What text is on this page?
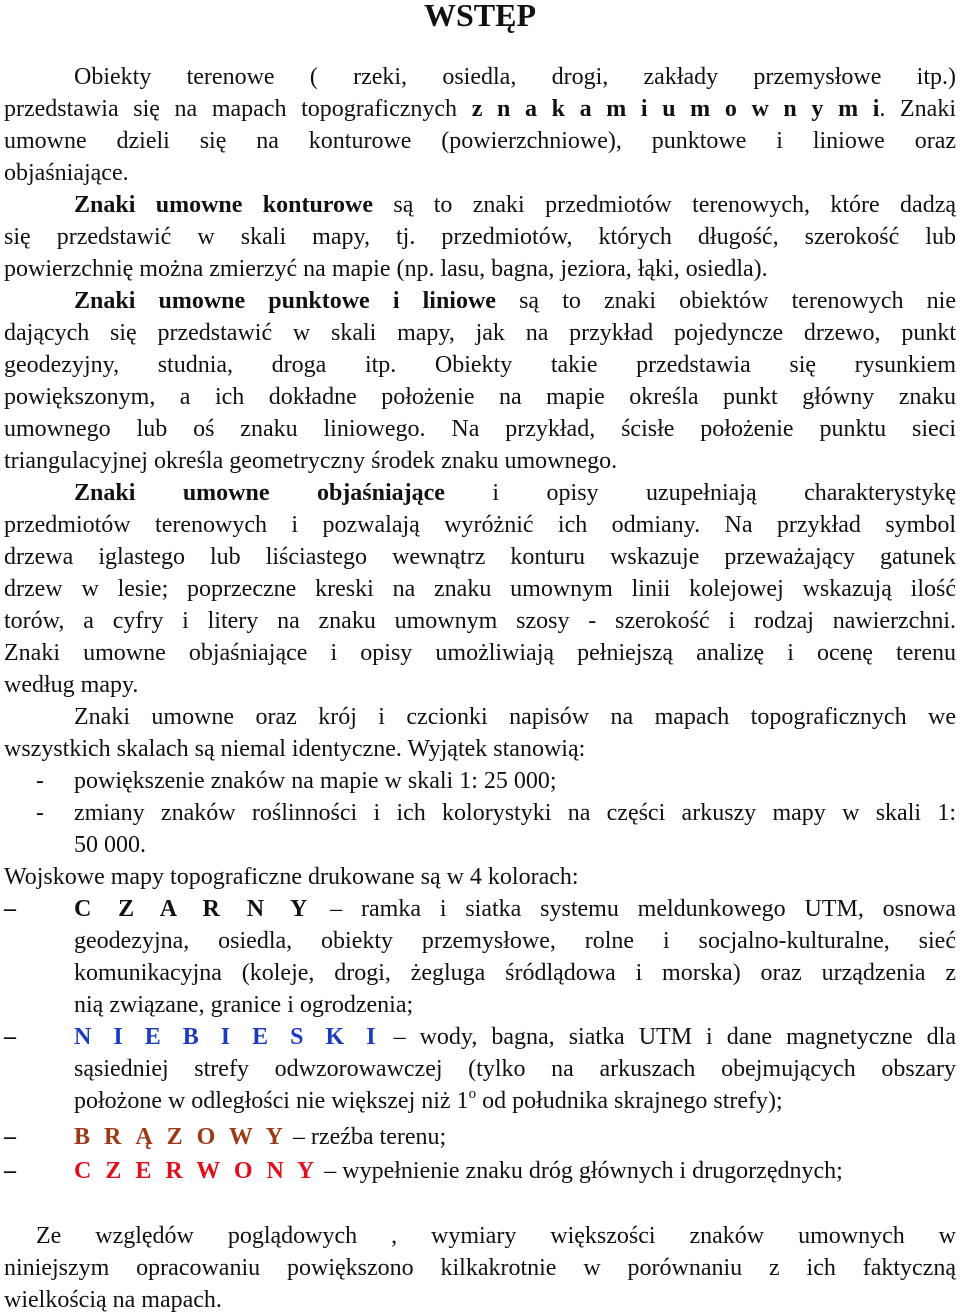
WSTĘP
Obiekty terenowe ( rzeki, osiedla, drogi, zakłady przemysłowe itp.)
przedstawia się na mapach topograficznych z n a k a m i u m o w n y m i. Znaki
umowne dzieli się na konturowe (powierzchniowe), punktowe i liniowe oraz
objaśniające.
Znaki umowne konturowe są to znaki przedmiotów terenowych, które dadzą
się przedstawić w skali mapy, tj. przedmiotów, których długość, szerokość lub
powierzchnię można zmierzyć na mapie (np. lasu, bagna, jeziora, łąki, osiedla).
Znaki umowne punktowe i liniowe są to znaki obiektów terenowych nie
dających się przedstawić w skali mapy, jak na przykład pojedyncze drzewo, punkt
geodezyjny, studnia, droga itp. Obiekty takie przedstawia się rysunkiem
powiększonym, a ich dokładne położenie na mapie określa punkt główny znaku
umownego lub oś znaku liniowego. Na przykład, ścisłe położenie punktu sieci
triangulacyjnej określa geometryczny środek znaku umownego.
Znaki umowne objaśniające i opisy uzupełniają charakterystykę
przedmiotów terenowych i pozwalają wyróżnić ich odmiany. Na przykład symbol
drzewa iglastego lub liściastego wewnątrz konturu wskazuje przeważający gatunek
drzew w lesie; poprzeczne kreski na znaku umownym linii kolejowej wskazują ilość
torów, a cyfry i litery na znaku umownym szosy - szerokość i rodzaj nawierzchni.
Znaki umowne objaśniające i opisy umożliwiają pełniejszą analizę i ocenę terenu
według mapy.
Znaki umowne oraz krój i czcionki napisów na mapach topograficznych we
wszystkich skalach są niemal identyczne. Wyjątek stanowią:
-	powiększenie znaków na mapie w skali 1: 25 000;
-	zmiany znaków roślinności i ich kolorystyki na części arkuszy mapy w skali 1:
50 000.
Wojskowe mapy topograficzne drukowane są w 4 kolorach:
–	C Z A R N Y – ramka i siatka systemu meldunkowego UTM, osnowa
geodezyjna, osiedla, obiekty przemysłowe, rolne i socjalno-kulturalne, sieć
komunikacyjna (koleje, drogi, żegluga śródlądowa i morska) oraz urządzenia z
nią związane, granice i ogrodzenia;
–	N I E B I E S K I – wody, bagna, siatka UTM i dane magnetyczne dla
sąsiedniej strefy odwzorowawczej (tylko na arkuszach obejmujących obszary
położone w odległości nie większej niż 1$^o$ od południka skrajnego strefy);
–	B R Ą Z O W Y – rzeźba terenu;
–	C Z E R W O N Y – wypełnienie znaku dróg głównych i drugorzędnych;
Ze względów poglądowych , wymiary większości znaków umownych w
niniejszym opracowaniu powiększono kilkakrotnie w porównaniu z ich faktyczną
wielkością na mapach.
